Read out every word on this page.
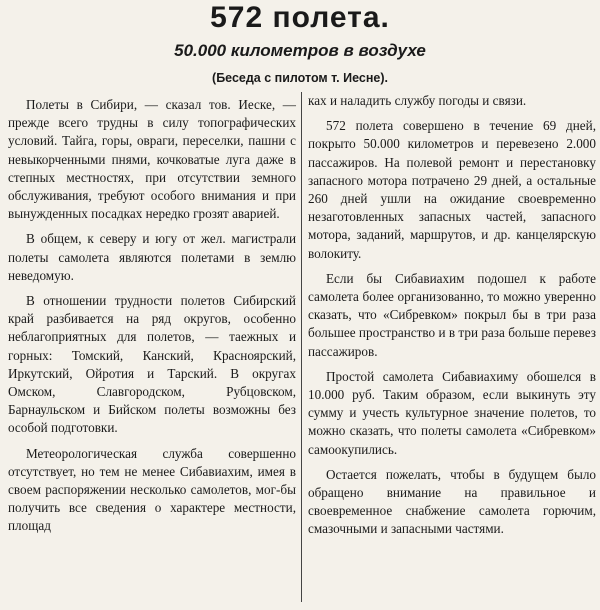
572 полета.
50.000 километров в воздухе
(Беседа с пилотом т. Иесне).

Полеты в Сибири, — сказал тов. Иеске, — прежде всего трудны в силу топографических условий. Тайга, горы, овраги, переселки, пашни с невыкорченными пнями, кочковатые луга даже в степных местностях, при отсутствии земного обслуживания, требуют особого внимания и при вынужденных посадках нередко грозят аварией.

В общем, к северу и югу от жел. магистрали полеты самолета являются полетами в землю неведомую.

В отношении трудности полетов Сибирский край разбивается на ряд округов, особенно неблагоприятных для полетов, — таежных и горных: Томский, Канский, Красноярский, Иркутский, Ойротия и Тарский. В округах Омском, Славгородском, Рубцовском, Барнаульском и Бийском полеты возможны без особой подготовки.

Метеорологическая служба совершенно отсутствует, но тем не менее Сибавиахим, имея в своем распоряжении несколько самолетов, мог-бы получить все сведения о характере местности, площад

ках и наладить службу погоды и связи.

572 полета совершено в течение 69 дней, покрыто 50.000 километров и перевезено 2.000 пассажиров. На полевой ремонт и перестановку запасного мотора потрачено 29 дней, а остальные 260 дней ушли на ожидание своевременно незаготовленных запасных частей, запасного мотора, заданий, маршрутов, и др. канцелярскую волокиту.

Если бы Сибавиахим подошел к работе самолета более организованно, то можно уверенно сказать, что «Сибревком» покрыл бы в три раза большее пространство и в три раза больше перевез пассажиров.

Простой самолета Сибавиахиму обошелся в 10.000 руб. Таким образом, если выкинуть эту сумму и учесть культурное значение полетов, то можно сказать, что полеты самолета «Сибревком» самоокупились.

Остается пожелать, чтобы в будущем было обращено внимание на правильное и своевременное снабжение самолета горючим, смазочными и запасными частями.
